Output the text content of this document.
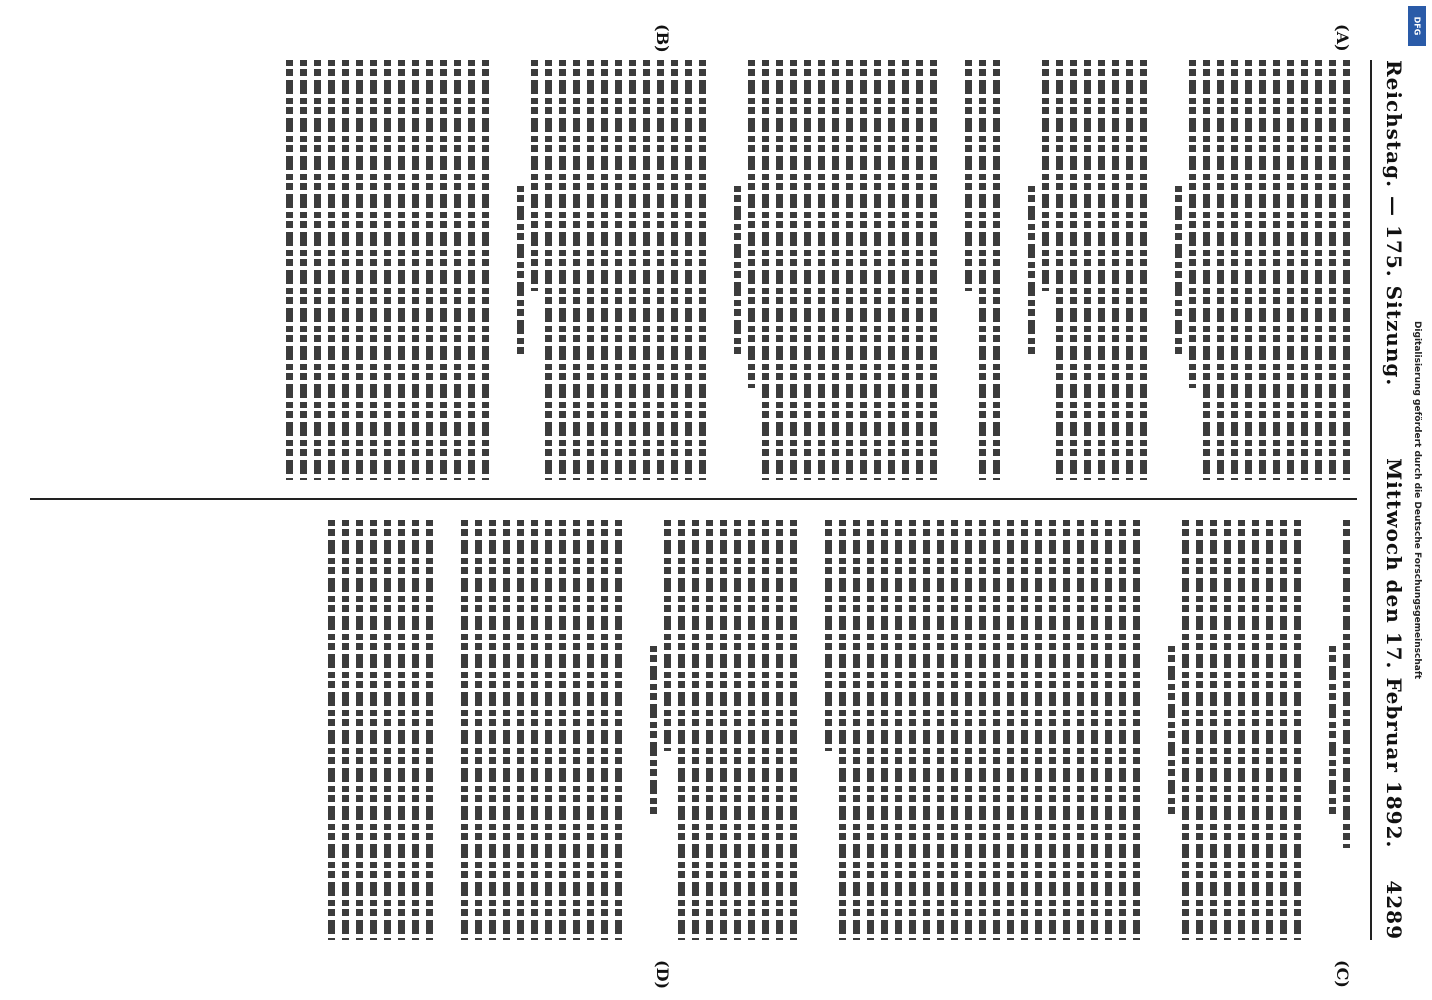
Reichstag. — 175. Sitzung.
Mittwoch den 17. Februar 1892.    4289
(A)
(B)
(C)
(D)
Digitalisierung gefördert durch die Deutsche Forschungsgemeinschaft
DFG
